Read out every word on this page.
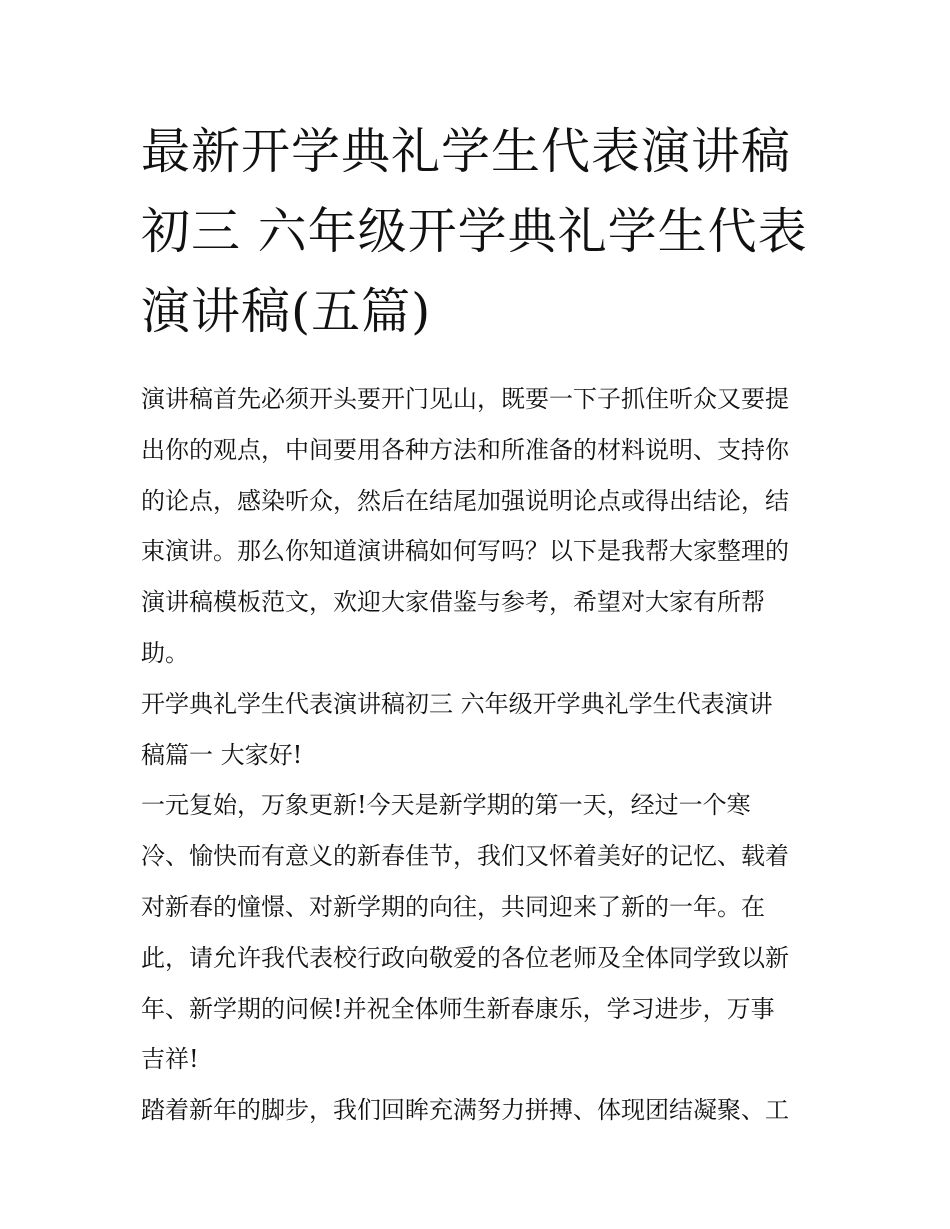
最新开学典礼学生代表演讲稿
初三 六年级开学典礼学生代表
演讲稿(五篇)

演讲稿首先必须开头要开门见山，既要一下子抓住听众又要提
出你的观点，中间要用各种方法和所准备的材料说明、支持你
的论点，感染听众，然后在结尾加强说明论点或得出结论，结
束演讲。那么你知道演讲稿如何写吗？以下是我帮大家整理的
演讲稿模板范文，欢迎大家借鉴与参考，希望对大家有所帮
助。

开学典礼学生代表演讲稿初三 六年级开学典礼学生代表演讲
稿篇一 大家好!

一元复始，万象更新!今天是新学期的第一天，经过一个寒
冷、愉快而有意义的新春佳节，我们又怀着美好的记忆、载着
对新春的憧憬、对新学期的向往，共同迎来了新的一年。在
此，请允许我代表校行政向敬爱的各位老师及全体同学致以新
年、新学期的问候!并祝全体师生新春康乐，学习进步，万事
吉祥!

踏着新年的脚步，我们回眸充满努力拼搏、体现团结凝聚、工
